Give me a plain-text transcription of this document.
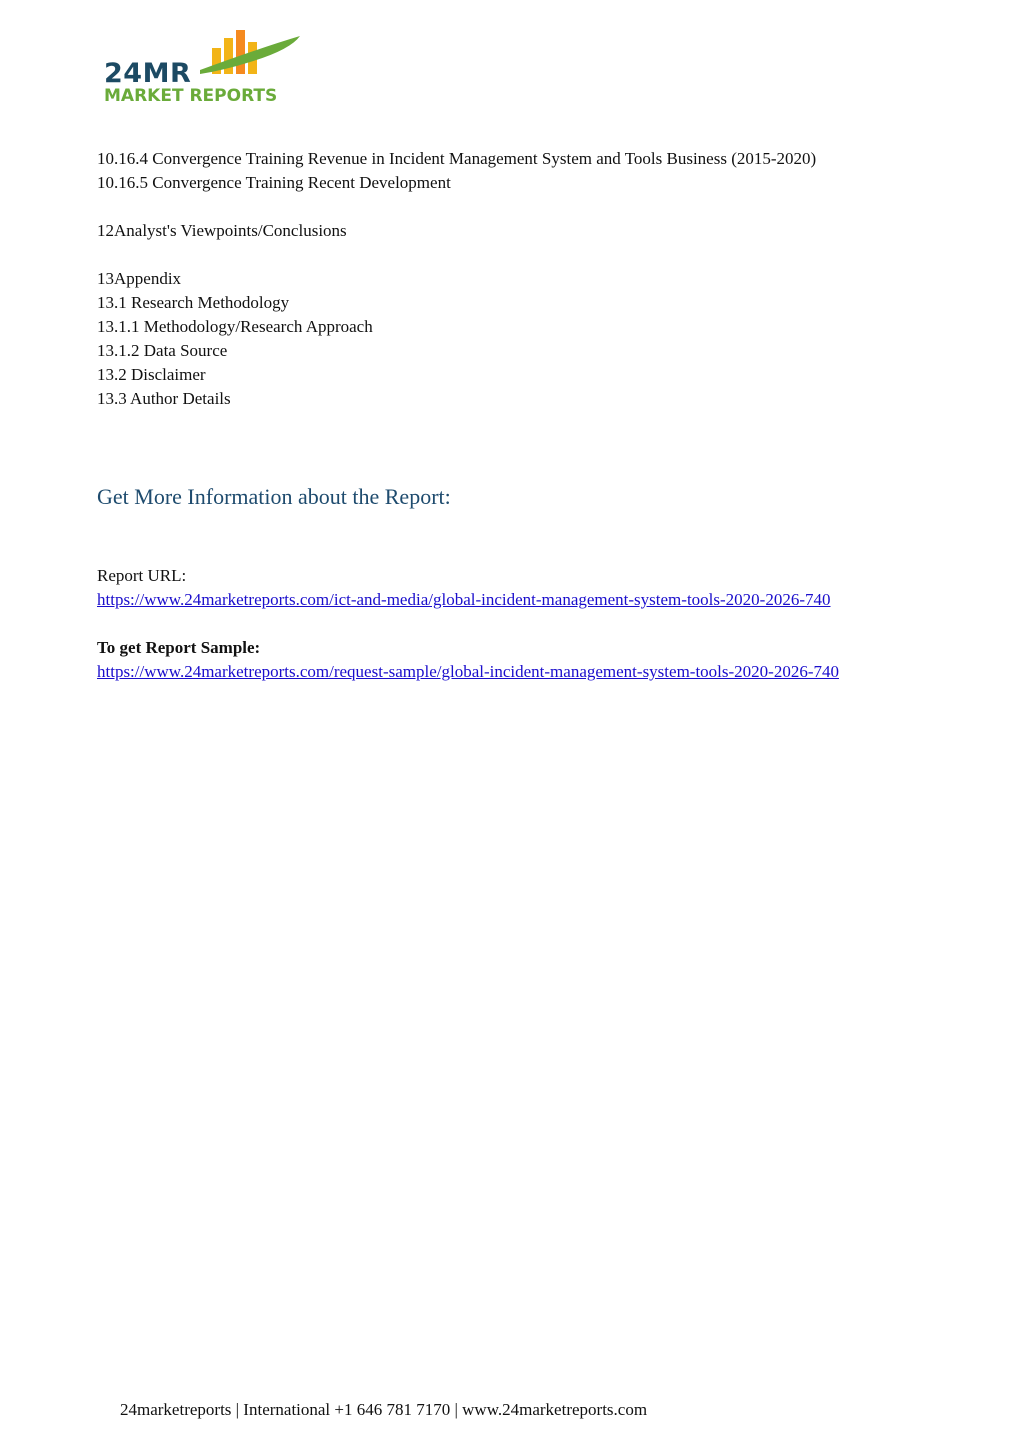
24MR
MARKET REPORTS
10.16.4 Convergence Training Revenue in Incident Management System and Tools Business (2015-2020)
10.16.5 Convergence Training Recent Development
12Analyst's Viewpoints/Conclusions
13Appendix
13.1 Research Methodology
13.1.1 Methodology/Research Approach
13.1.2 Data Source
13.2 Disclaimer
13.3 Author Details
Get More Information about the Report:
Report URL:
https://www.24marketreports.com/ict-and-media/global-incident-management-system-tools-2020-2026-740
To get Report Sample:
https://www.24marketreports.com/request-sample/global-incident-management-system-tools-2020-2026-740
24marketreports | International +1 646 781 7170 | www.24marketreports.com
